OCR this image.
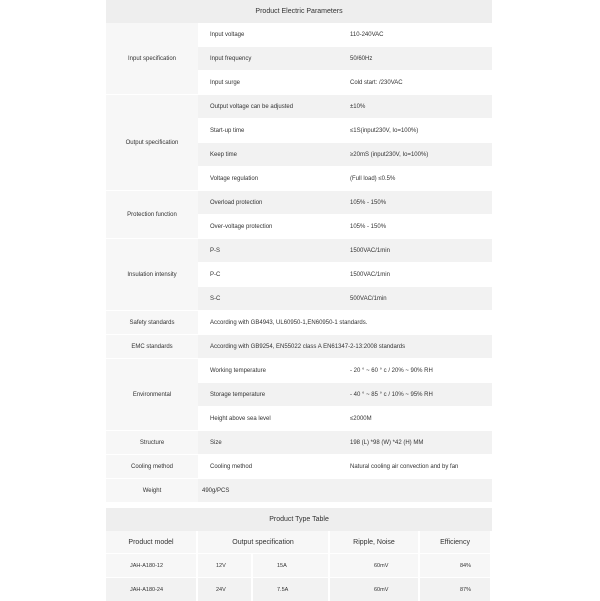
Product Electric Parameters		
Input specification	Input voltage	110-240VAC
	Input frequency	50/60Hz
	Input surge	Cold start: /230VAC
Output specification	Output voltage can be adjusted	±10%
	Start-up time	≤1S(input230V, Io=100%)
	Keep time	≥20mS (input230V, Io=100%)
	Voltage regulation	(Full load) ≤0.5%
Protection function	Overload protection	105% - 150%
	Over-voltage protection	105% - 150%
Insulation intensity	P-S	1500VAC/1min
	P-C	1500VAC/1min
	S-C	500VAC/1min
Safety standards	According with GB4943, UL60950-1,EN60950-1 standards.	
EMC standards	According with GB9254, EN55022 class A EN61347-2-13:2008 standards	
Environmental	Working temperature	- 20 ° ~ 60 ° c / 20% ~ 90% RH
	Storage temperature	- 40 ° ~ 85 ° c / 10% ~ 95% RH
	Height above sea level	≤2000M
Structure	Size	198 (L) *98 (W) *42 (H) MM
Cooling method	Cooling method	Natural cooling air convection and by fan
Weight	490g/PCS	
Product Type Table				
Product model	Output specification		Ripple, Noise	Efficiency
JAH-A180-12	12V	15A	60mV	84%
JAH-A180-24	24V	7.5A	60mV	87%
